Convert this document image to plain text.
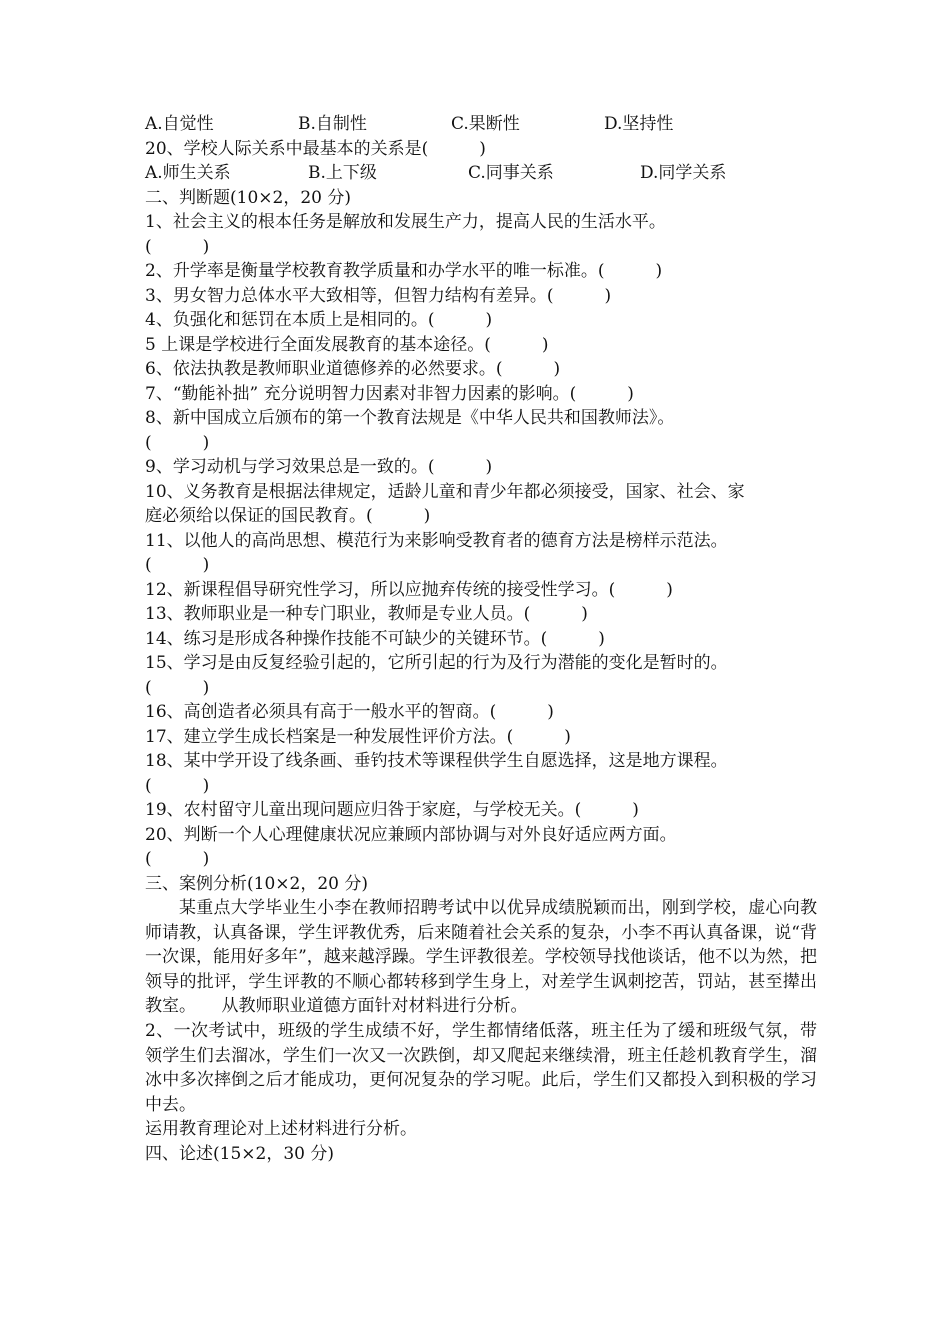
A.自觉性	B.自制性	C.果断性	D.坚持性
20、学校人际关系中最基本的关系是(　　　)
A.师生关系	B.上下级	C.同事关系	D.同学关系
二、判断题(10×2，20 分)
1、社会主义的根本任务是解放和发展生产力，提高人民的生活水平。
(　　　)
2、升学率是衡量学校教育教学质量和办学水平的唯一标准。(　　　)
3、男女智力总体水平大致相等，但智力结构有差异。(　　　)
4、负强化和惩罚在本质上是相同的。(　　　)
5 上课是学校进行全面发展教育的基本途径。(　　　)
6、依法执教是教师职业道德修养的必然要求。(　　　)
7、“勤能补拙” 充分说明智力因素对非智力因素的影响。(　　　)
8、新中国成立后颁布的第一个教育法规是《中华人民共和国教师法》。
(　　　)
9、学习动机与学习效果总是一致的。(　　　)
10、义务教育是根据法律规定，适龄儿童和青少年都必须接受，国家、社会、家
庭必须给以保证的国民教育。(　　　)
11、以他人的高尚思想、模范行为来影响受教育者的德育方法是榜样示范法。
(　　　)
12、新课程倡导研究性学习，所以应抛弃传统的接受性学习。(　　　)
13、教师职业是一种专门职业，教师是专业人员。(　　　)
14、练习是形成各种操作技能不可缺少的关键环节。(　　　)
15、学习是由反复经验引起的，它所引起的行为及行为潜能的变化是暂时的。
(　　　)
16、高创造者必须具有高于一般水平的智商。(　　　)
17、建立学生成长档案是一种发展性评价方法。(　　　)
18、某中学开设了线条画、垂钓技术等课程供学生自愿选择，这是地方课程。
(　　　)
19、农村留守儿童出现问题应归咎于家庭，与学校无关。(　　　)
20、判断一个人心理健康状况应兼顾内部协调与对外良好适应两方面。
(　　　)
三、案例分析(10×2，20 分)
某重点大学毕业生小李在教师招聘考试中以优异成绩脱颖而出，刚到学校，虚心向教师请教，认真备课，学生评教优秀，后来随着社会关系的复杂，小李不再认真备课，说“背一次课，能用好多年”，越来越浮躁。学生评教很差。学校领导找他谈话，他不以为然，把领导的批评，学生评教的不顺心都转移到学生身上，对差学生讽刺挖苦，罚站，甚至撵出教室。　　从教师职业道德方面针对材料进行分析。
2、一次考试中，班级的学生成绩不好，学生都情绪低落，班主任为了缓和班级气氛，带领学生们去溜冰，学生们一次又一次跌倒，却又爬起来继续滑，班主任趁机教育学生，溜冰中多次摔倒之后才能成功，更何况复杂的学习呢。此后，学生们又都投入到积极的学习中去。
运用教育理论对上述材料进行分析。
四、论述(15×2，30 分)
